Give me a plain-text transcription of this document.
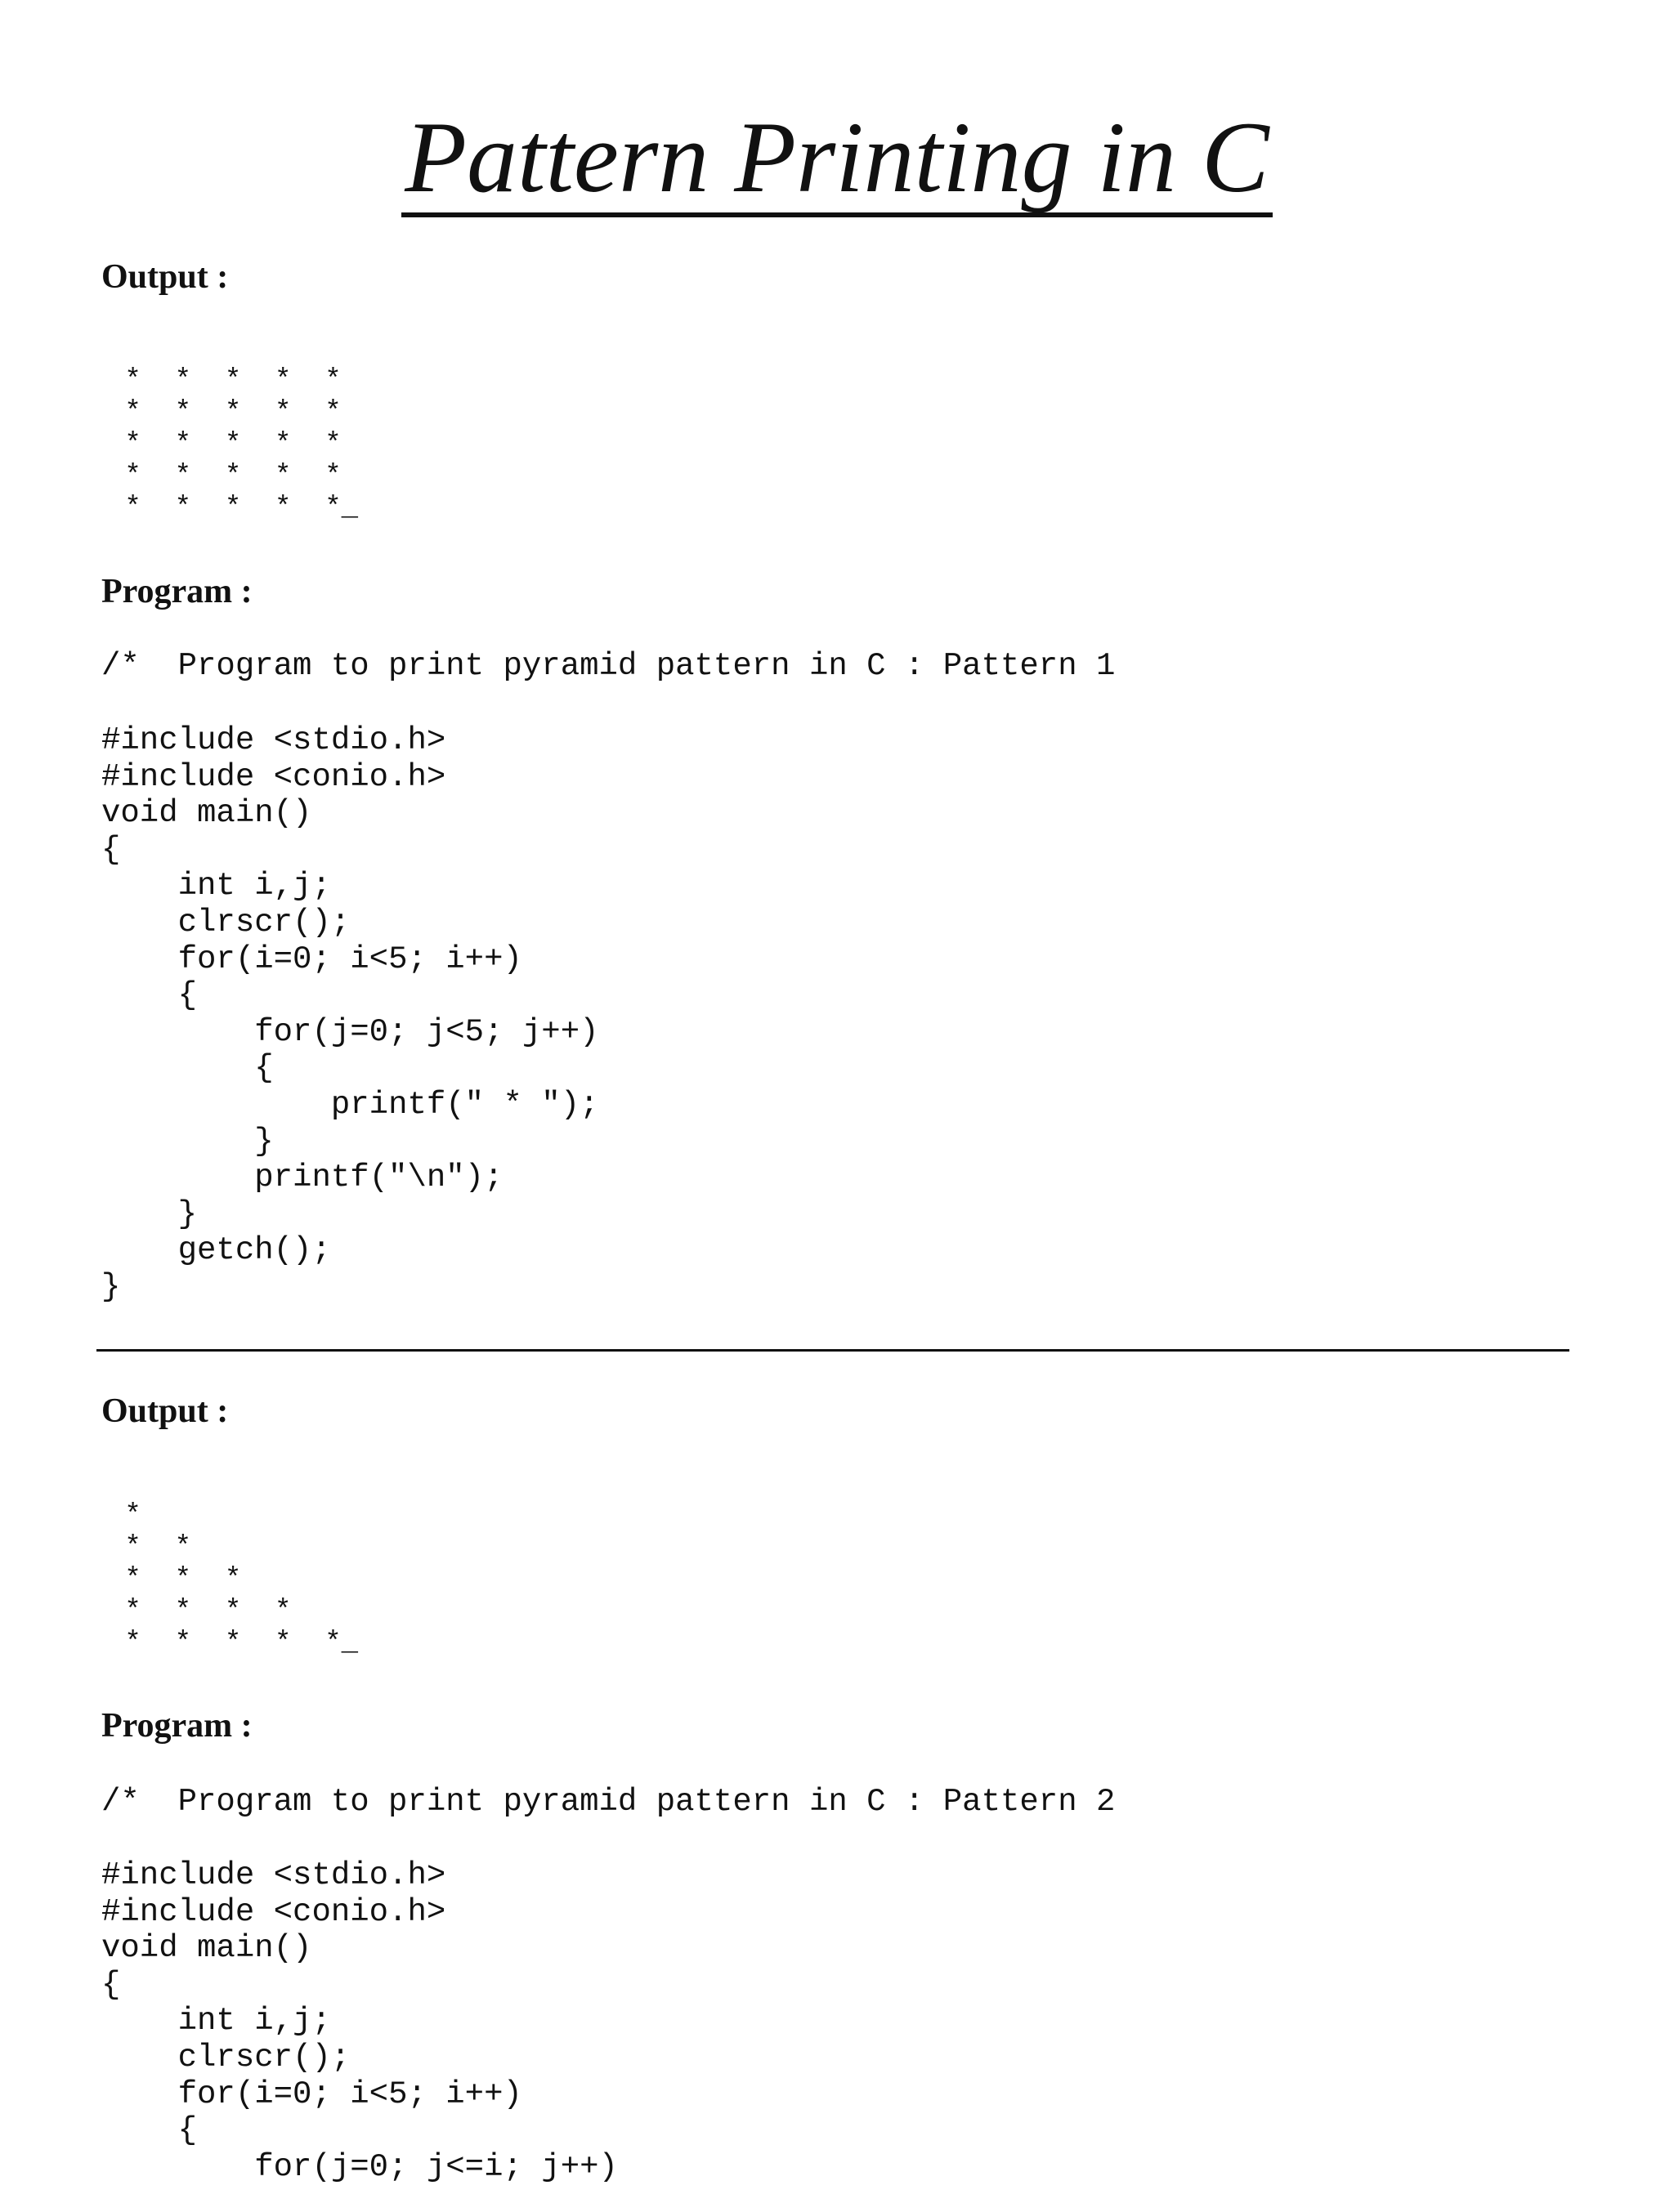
Pattern Printing in C
Output :
*  *  *  *  *
*  *  *  *  *
*  *  *  *  *
*  *  *  *  *
*  *  *  *  *_
Program :
/*  Program to print pyramid pattern in C : Pattern 1
#include <stdio.h>
#include <conio.h>
void main()
{
	int i,j;
	clrscr();
	for(i=0; i<5; i++)
	{
		for(j=0; j<5; j++)
		{
			printf(" * ");
		}
		printf("\n");
	}
	getch();
}
Output :
*
*  *
*  *  *
*  *  *  *
*  *  *  *  *_
Program :
/*  Program to print pyramid pattern in C : Pattern 2
#include <stdio.h>
#include <conio.h>
void main()
{
	int i,j;
	clrscr();
	for(i=0; i<5; i++)
	{
		for(j=0; j<=i; j++)
